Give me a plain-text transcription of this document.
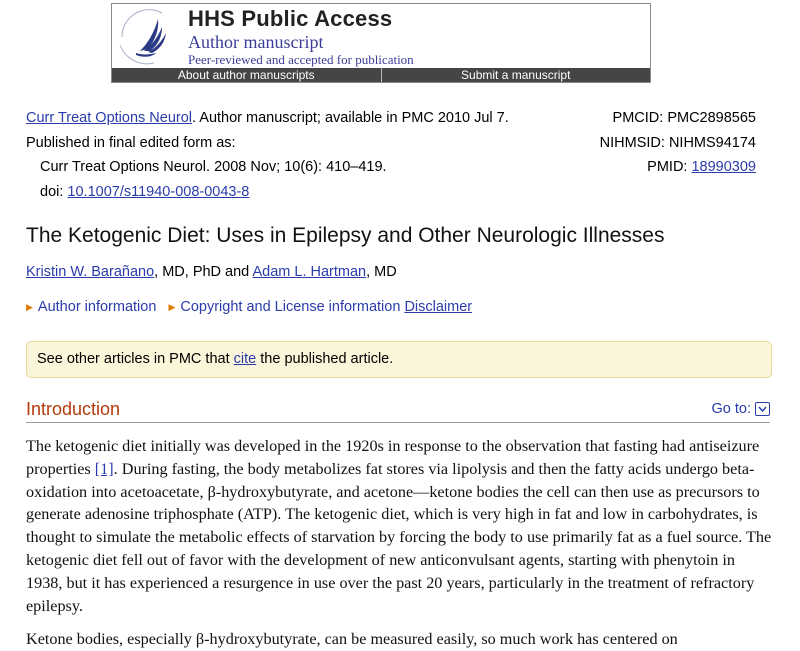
HHS Public Access
Author manuscript
Peer-reviewed and accepted for publication
About author manuscripts	Submit a manuscript
Curr Treat Options Neurol. Author manuscript; available in PMC 2010 Jul 7.
Published in final edited form as:
Curr Treat Options Neurol. 2008 Nov; 10(6): 410–419.
doi: 10.1007/s11940-008-0043-8
PMCID: PMC2898565
NIHMSID: NIHMS94174
PMID: 18990309
The Ketogenic Diet: Uses in Epilepsy and Other Neurologic Illnesses
Kristin W. Barañano, MD, PhD and Adam L. Hartman, MD
▶ Author information ▶ Copyright and License information Disclaimer
See other articles in PMC that cite the published article.
Introduction	Go to:

The ketogenic diet initially was developed in the 1920s in response to the observation that fasting had antiseizure properties [1]. During fasting, the body metabolizes fat stores via lipolysis and then the fatty acids undergo beta-oxidation into acetoacetate, β-hydroxybutyrate, and acetone—ketone bodies the cell can then use as precursors to generate adenosine triphosphate (ATP). The ketogenic diet, which is very high in fat and low in carbohydrates, is thought to simulate the metabolic effects of starvation by forcing the body to use primarily fat as a fuel source. The ketogenic diet fell out of favor with the development of new anticonvulsant agents, starting with phenytoin in 1938, but it has experienced a resurgence in use over the past 20 years, particularly in the treatment of refractory epilepsy.

Ketone bodies, especially β-hydroxybutyrate, can be measured easily, so much work has centered on
